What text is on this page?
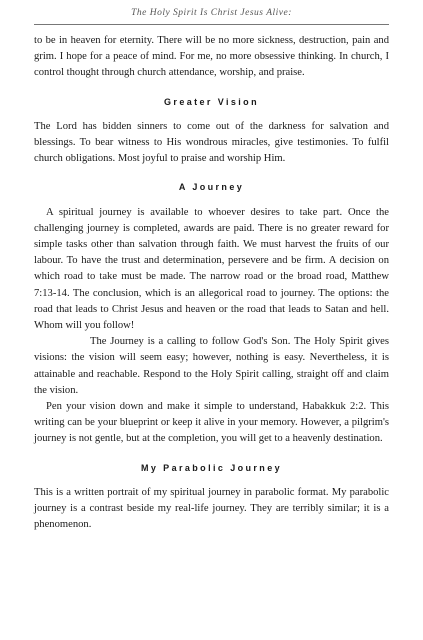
The Holy Spirit Is Christ Jesus Alive:

to be in heaven for eternity. There will be no more sickness, destruction, pain and grim. I hope for a peace of mind. For me, no more obsessive thinking. In church, I control thought through church attendance, worship, and praise.

Greater Vision

The Lord has bidden sinners to come out of the darkness for salvation and blessings. To bear witness to His wondrous miracles, give testimonies. To fulfil church obligations. Most joyful to praise and worship Him.

A Journey

A spiritual journey is available to whoever desires to take part. Once the challenging journey is completed, awards are paid. There is no greater reward for simple tasks other than salvation through faith. We must harvest the fruits of our labour. To have the trust and determination, persevere and be firm. A decision on which road to take must be made. The narrow road or the broad road, Matthew 7:13-14. The conclusion, which is an allegorical road to journey. The options: the road that leads to Christ Jesus and heaven or the road that leads to Satan and hell. Whom will you follow!

The Journey is a calling to follow God's Son. The Holy Spirit gives visions: the vision will seem easy; however, nothing is easy. Nevertheless, it is attainable and reachable. Respond to the Holy Spirit calling, straight off and claim the vision.

Pen your vision down and make it simple to understand, Habakkuk 2:2. This writing can be your blueprint or keep it alive in your memory. However, a pilgrim's journey is not gentle, but at the completion, you will get to a heavenly destination.

My Parabolic Journey

This is a written portrait of my spiritual journey in parabolic format. My parabolic journey is a contrast beside my real-life journey. They are terribly similar; it is a phenomenon.
